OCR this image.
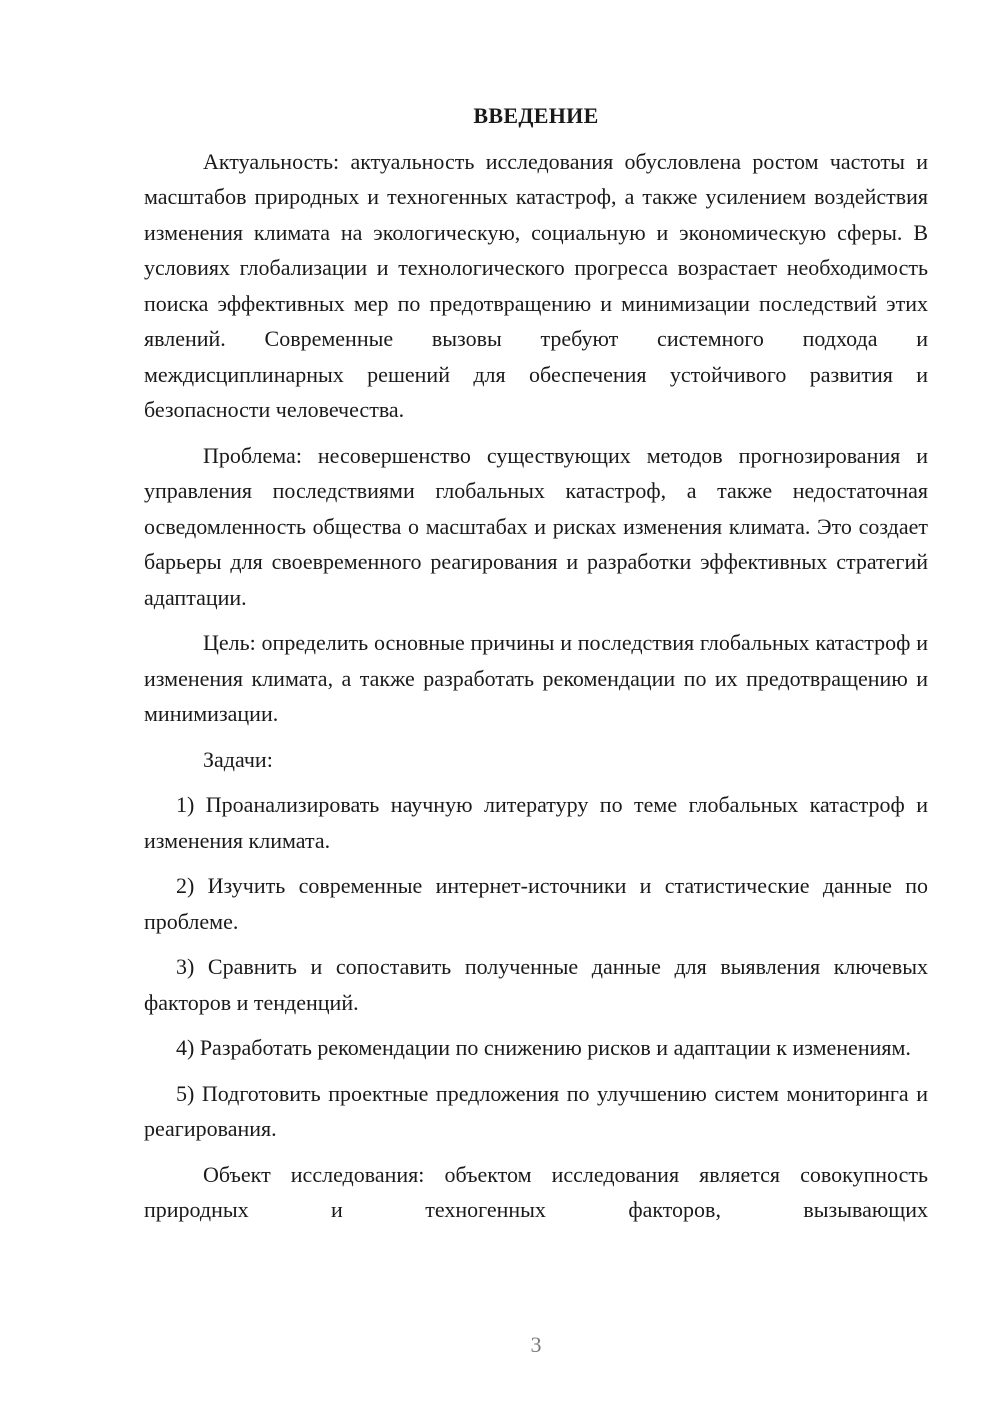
ВВЕДЕНИЕ

Актуальность: актуальность исследования обусловлена ростом частоты и масштабов природных и техногенных катастроф, а также усилением воздействия изменения климата на экологическую, социальную и экономическую сферы. В условиях глобализации и технологического прогресса возрастает необходимость поиска эффективных мер по предотвращению и минимизации последствий этих явлений. Современные вызовы требуют системного подхода и междисциплинарных решений для обеспечения устойчивого развития и безопасности человечества.

Проблема: несовершенство существующих методов прогнозирования и управления последствиями глобальных катастроф, а также недостаточная осведомленность общества о масштабах и рисках изменения климата. Это создает барьеры для своевременного реагирования и разработки эффективных стратегий адаптации.

Цель: определить основные причины и последствия глобальных катастроф и изменения климата, а также разработать рекомендации по их предотвращению и минимизации.

Задачи:

1) Проанализировать научную литературу по теме глобальных катастроф и изменения климата.

2) Изучить современные интернет-источники и статистические данные по проблеме.

3) Сравнить и сопоставить полученные данные для выявления ключевых факторов и тенденций.

4) Разработать рекомендации по снижению рисков и адаптации к изменениям.

5) Подготовить проектные предложения по улучшению систем мониторинга и реагирования.

Объект исследования: объектом исследования является совокупность природных и техногенных факторов, вызывающих

3
